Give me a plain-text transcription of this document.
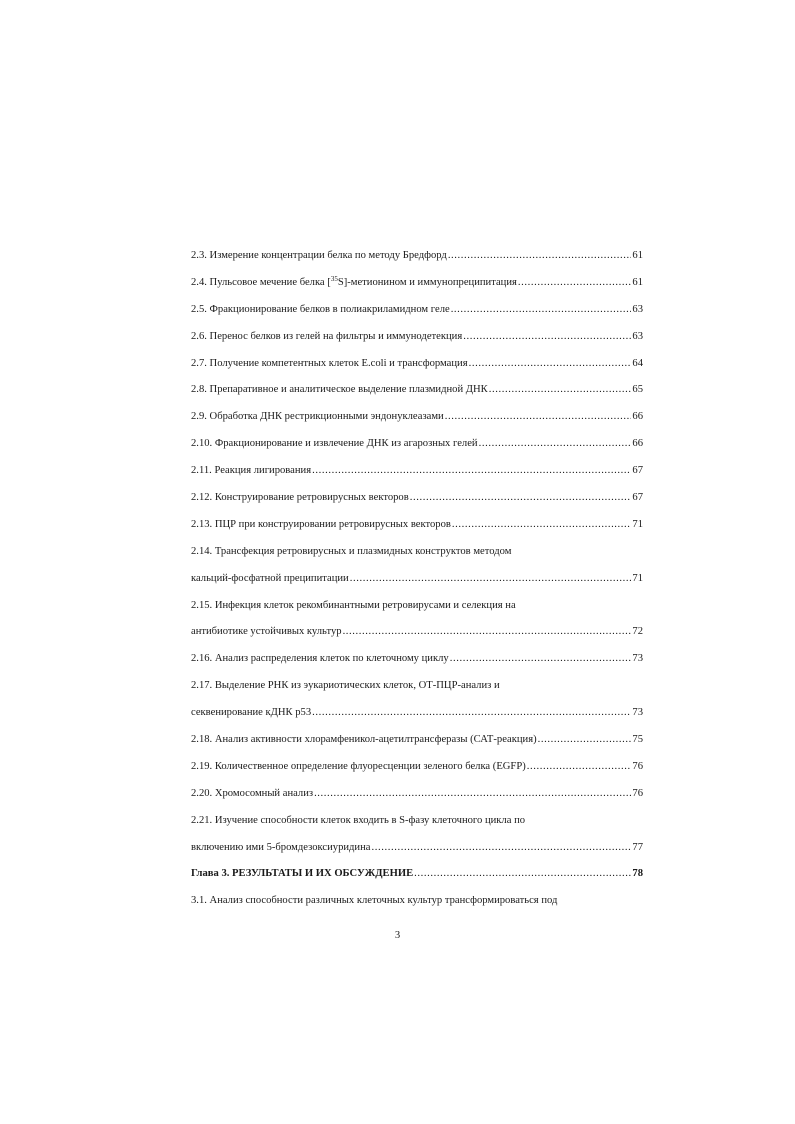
2.3. Измерение концентрации белка по методу Бредфорд .....	61
2.4. Пульсовое мечение белка [$^{35}$S]-метионином и иммунопреципитация .....	61
2.5. Фракционирование белков в полиакриламидном геле .....	63
2.6. Перенос белков из гелей на фильтры и иммунодетекция .....	63
2.7. Получение компетентных клеток E.coli и трансформация .....	64
2.8. Препаративное и аналитическое выделение плазмидной ДНК .....	65
2.9. Обработка ДНК рестрикционными эндонуклеазами .....	66
2.10. Фракционирование и извлечение ДНК из агарозных гелей .....	66
2.11. Реакция лигирования .....	67
2.12. Конструирование ретровирусных векторов .....	67
2.13. ПЦР при конструировании ретровирусных векторов .....	71
2.14. Трансфекция ретровирусных и плазмидных конструктов методом
кальций-фосфатной преципитации .....	71
2.15. Инфекция клеток рекомбинантными ретровирусами и селекция на
антибиотике устойчивых культур .....	72
2.16. Анализ распределения клеток по клеточному циклу .....	73
2.17. Выделение РНК из эукариотических клеток, ОТ-ПЦР-анализ и
секвенирование кДНК p53 .....	73
2.18. Анализ активности хлорамфеникол-ацетилтрансферазы (САТ-реакция) .....	75
2.19. Количественное определение флуоресценции зеленого белка (EGFP) .....	76
2.20. Хромосомный анализ .....	76
2.21. Изучение способности клеток входить в S-фазу клеточного цикла по
включению ими 5-бромдезоксиуридина .....	77
Глава 3. РЕЗУЛЬТАТЫ И ИХ ОБСУЖДЕНИЕ .....	78
3.1. Анализ способности различных клеточных культур трансформироваться под
3
